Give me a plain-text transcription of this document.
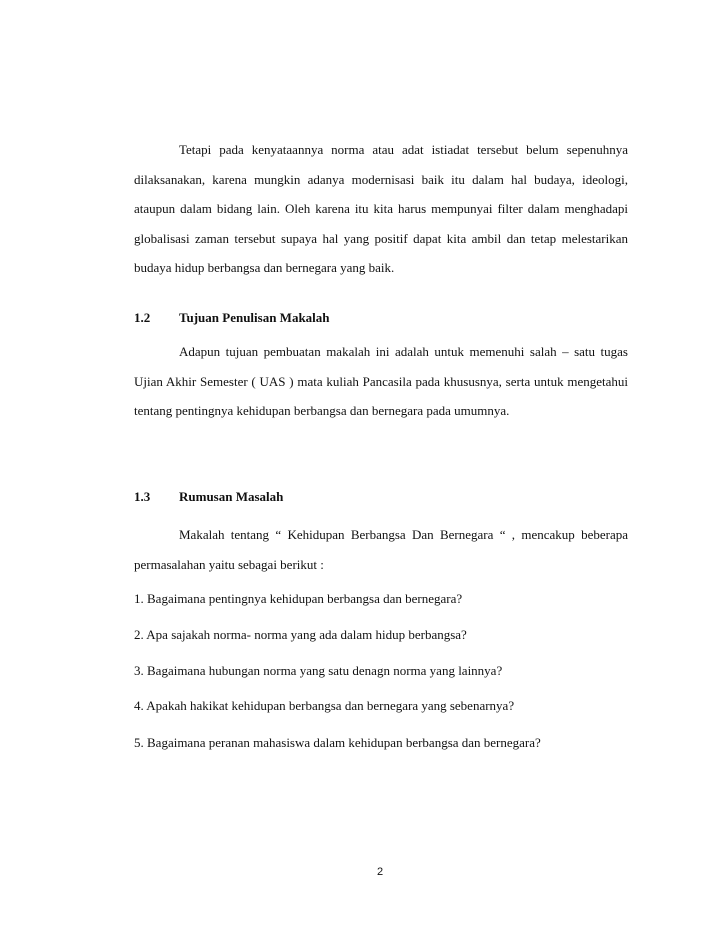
Tetapi pada kenyataannya norma atau adat istiadat tersebut belum sepenuhnya dilaksanakan, karena mungkin adanya modernisasi baik itu dalam hal budaya, ideologi, ataupun dalam bidang lain. Oleh karena itu kita harus mempunyai filter dalam menghadapi globalisasi zaman tersebut supaya hal yang positif dapat kita ambil dan tetap melestarikan budaya hidup berbangsa dan bernegara yang baik.

1.2 Tujuan Penulisan Makalah

Adapun tujuan pembuatan makalah ini adalah untuk memenuhi salah – satu tugas Ujian Akhir Semester ( UAS ) mata kuliah Pancasila pada khususnya, serta untuk mengetahui tentang pentingnya kehidupan berbangsa dan bernegara pada umumnya.

1.3 Rumusan Masalah

Makalah tentang “ Kehidupan Berbangsa Dan Bernegara “ , mencakup beberapa permasalahan yaitu sebagai berikut :

1. Bagaimana pentingnya kehidupan berbangsa dan bernegara?

2. Apa sajakah norma- norma yang ada dalam hidup berbangsa?

3. Bagaimana hubungan norma yang satu denagn norma yang lainnya?

4. Apakah hakikat kehidupan berbangsa dan bernegara yang sebenarnya?

5. Bagaimana peranan mahasiswa dalam kehidupan berbangsa dan bernegara?

2
